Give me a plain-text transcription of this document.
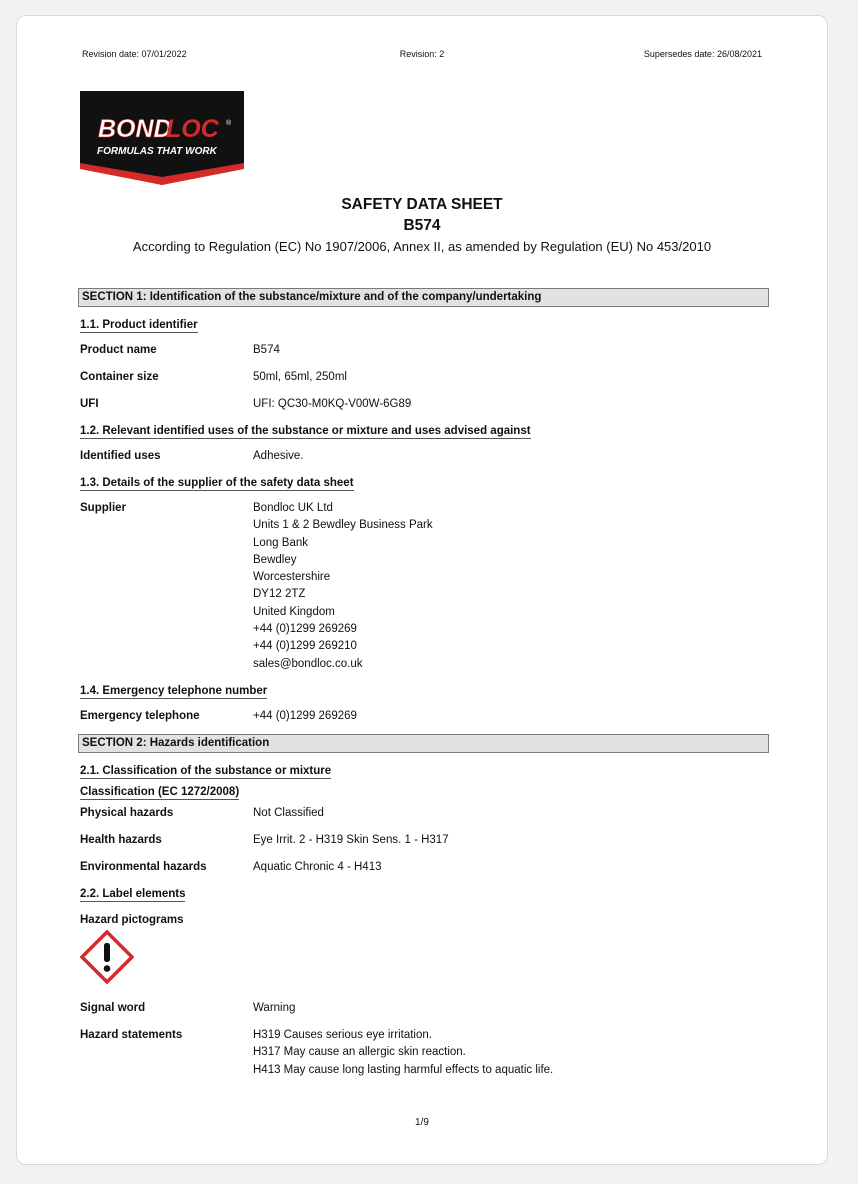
Revision date: 07/01/2022	Revision: 2	Supersedes date: 26/08/2021
BOND
LOC ®
FORMULAS THAT WORK
SAFETY DATA SHEET
B574
According to Regulation (EC) No 1907/2006, Annex II, as amended by Regulation (EU) No 453/2010
SECTION 1: Identification of the substance/mixture and of the company/undertaking
1.1. Product identifier
Product name	B574
Container size	50ml, 65ml, 250ml
UFI	UFI: QC30-M0KQ-V00W-6G89
1.2. Relevant identified uses of the substance or mixture and uses advised against
Identified uses	Adhesive.
1.3. Details of the supplier of the safety data sheet
Supplier	Bondloc UK Ltd
Units 1 & 2 Bewdley Business Park
Long Bank
Bewdley
Worcestershire
DY12 2TZ
United Kingdom
+44 (0)1299 269269
+44 (0)1299 269210
sales@bondloc.co.uk
1.4. Emergency telephone number
Emergency telephone	+44 (0)1299 269269
SECTION 2: Hazards identification
2.1. Classification of the substance or mixture
Classification (EC 1272/2008)
Physical hazards	Not Classified
Health hazards	Eye Irrit. 2 - H319 Skin Sens. 1 - H317
Environmental hazards	Aquatic Chronic 4 - H413
2.2. Label elements
Hazard pictograms
Signal word	Warning
Hazard statements	H319 Causes serious eye irritation.
H317 May cause an allergic skin reaction.
H413 May cause long lasting harmful effects to aquatic life.
1/9
